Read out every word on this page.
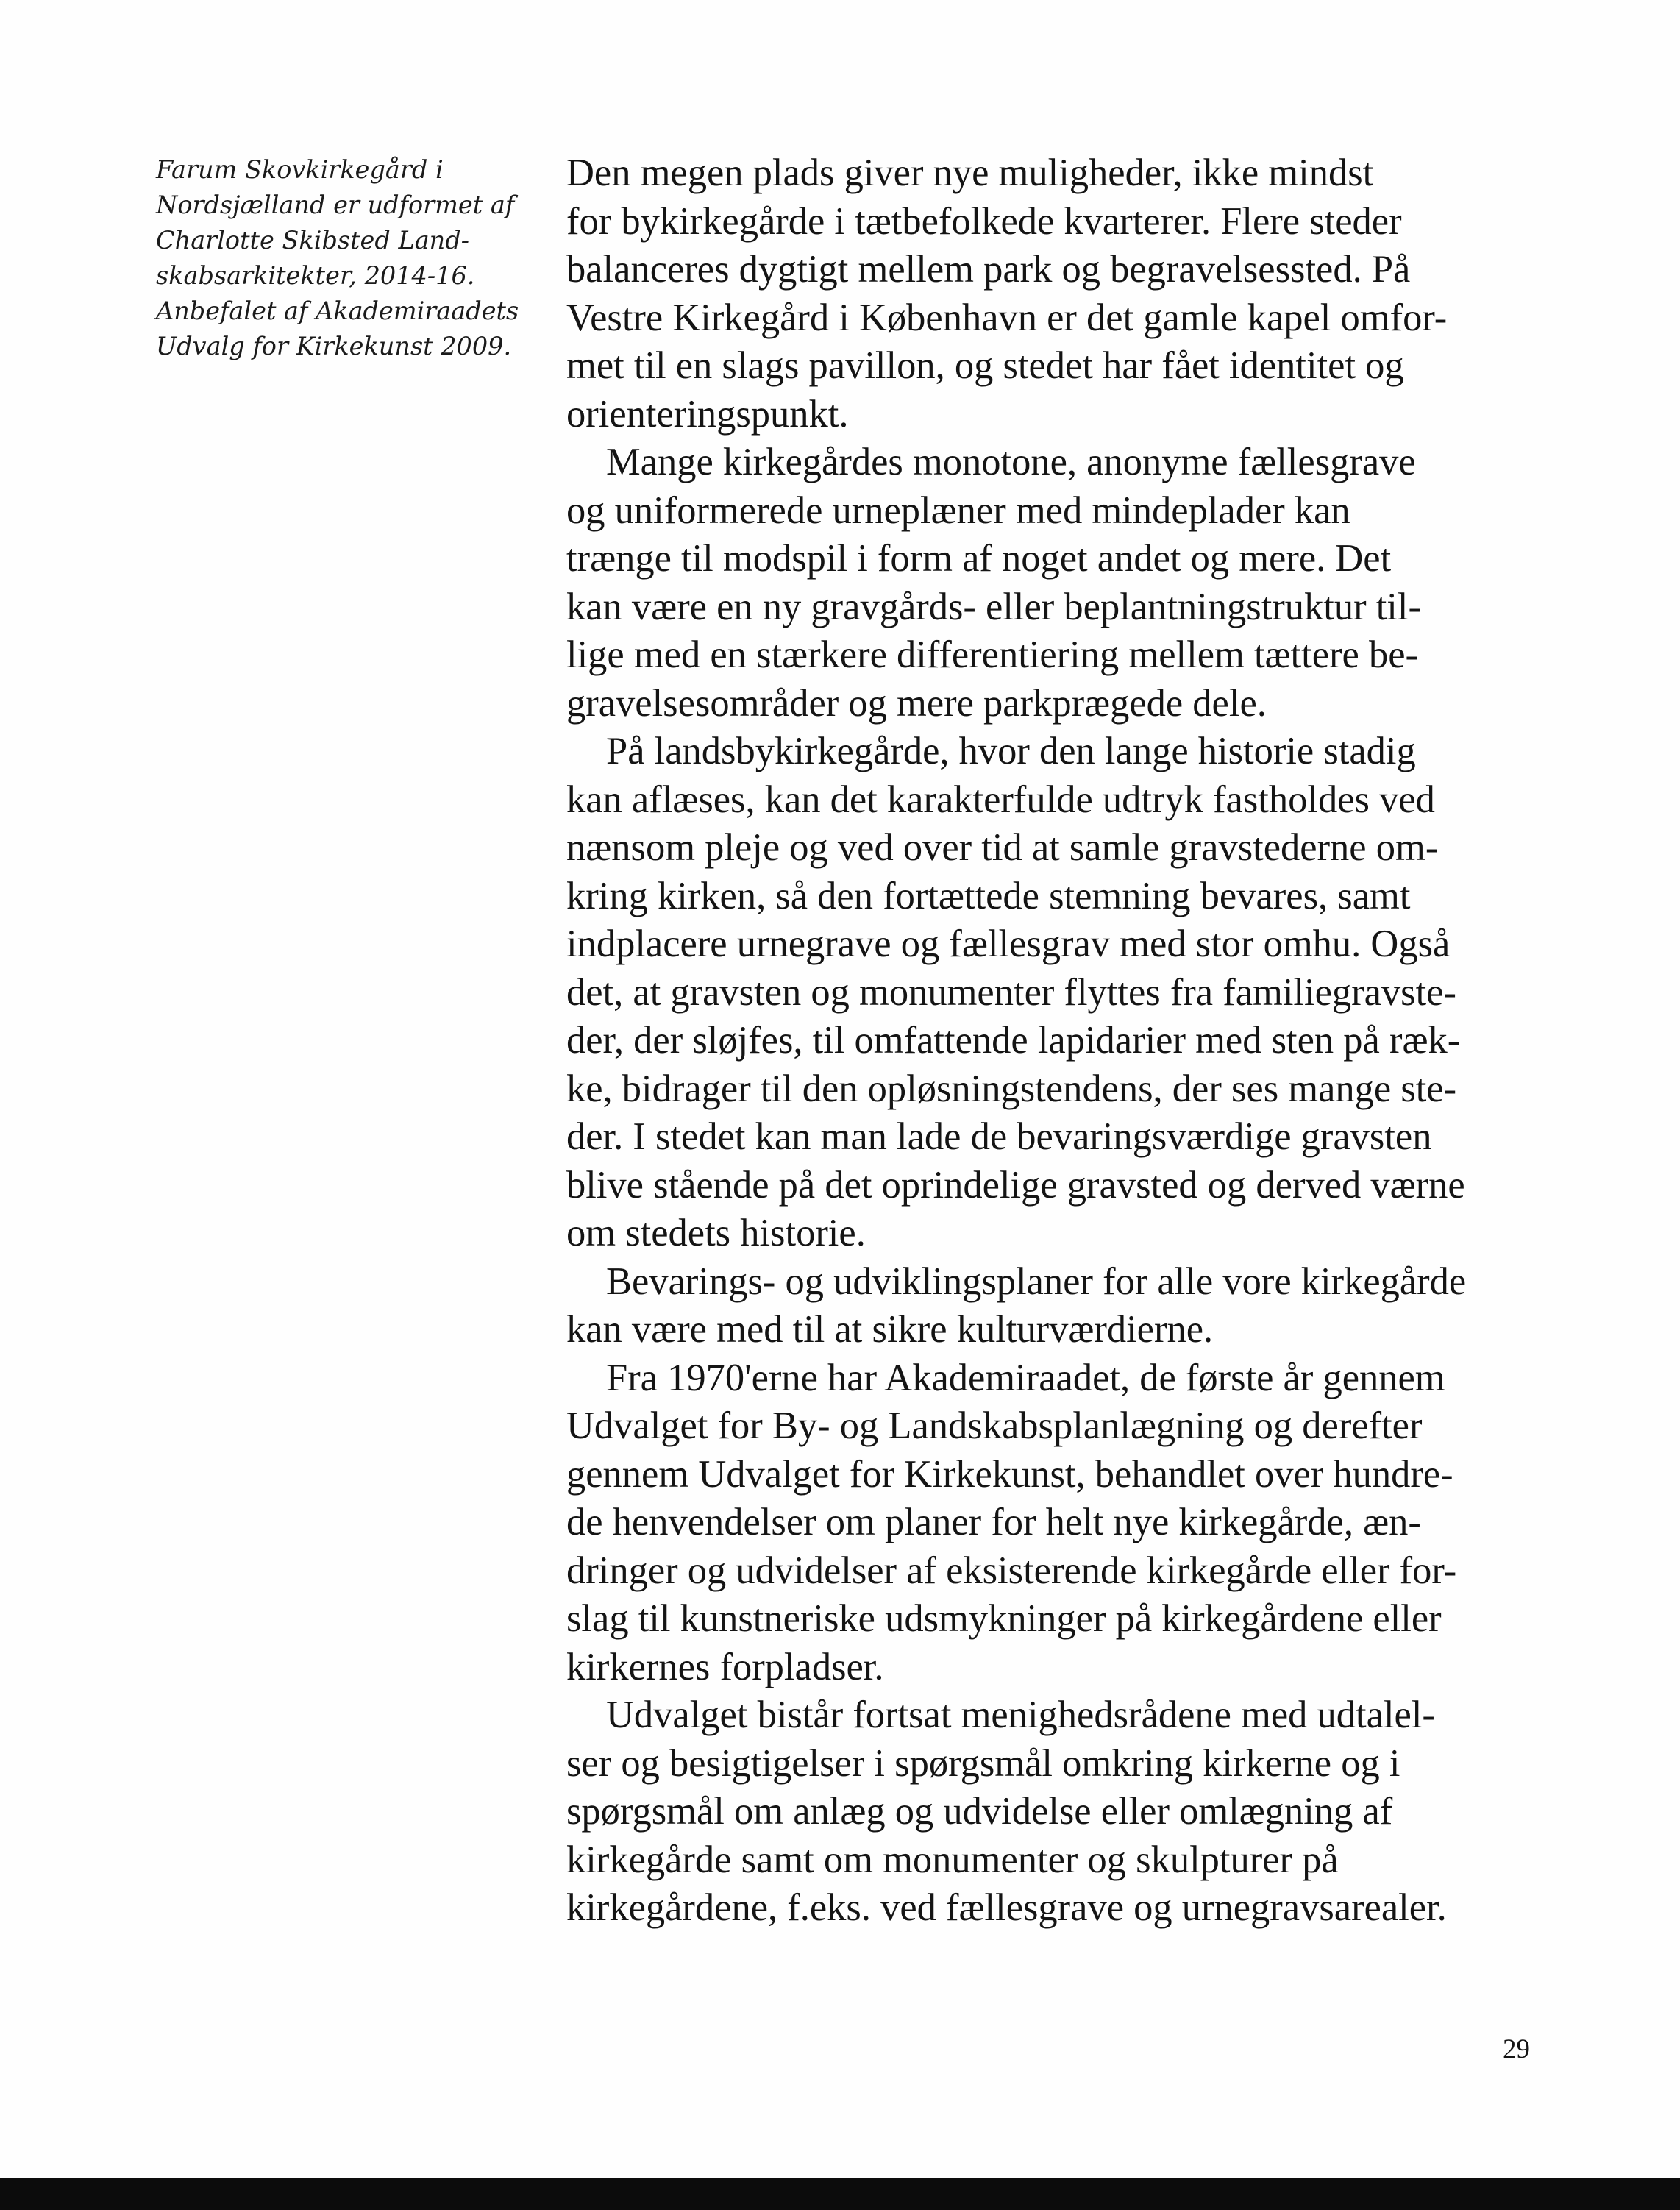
Farum Skovkirkegård i
Nordsjælland er udformet af
Charlotte Skibsted Land-
skabsarkitekter, 2014-16.
Anbefalet af Akademiraadets
Udvalg for Kirkekunst 2009.

Den megen plads giver nye muligheder, ikke mindst
for bykirkegårde i tætbefolkede kvarterer. Flere steder
balanceres dygtigt mellem park og begravelsessted. På
Vestre Kirkegård i København er det gamle kapel omfor-
met til en slags pavillon, og stedet har fået identitet og
orienteringspunkt.

Mange kirkegårdes monotone, anonyme fællesgrave
og uniformerede urneplæner med mindeplader kan
trænge til modspil i form af noget andet og mere. Det
kan være en ny gravgårds- eller beplantningstruktur til-
lige med en stærkere differentiering mellem tættere be-
gravelsesområder og mere parkprægede dele.

På landsbykirkegårde, hvor den lange historie stadig
kan aflæses, kan det karakterfulde udtryk fastholdes ved
nænsom pleje og ved over tid at samle gravstederne om-
kring kirken, så den fortættede stemning bevares, samt
indplacere urnegrave og fællesgrav med stor omhu. Også
det, at gravsten og monumenter flyttes fra familiegravste-
der, der sløjfes, til omfattende lapidarier med sten på ræk-
ke, bidrager til den opløsningstendens, der ses mange ste-
der. I stedet kan man lade de bevaringsværdige gravsten
blive stående på det oprindelige gravsted og derved værne
om stedets historie.

Bevarings- og udviklingsplaner for alle vore kirkegårde
kan være med til at sikre kulturværdierne.

Fra 1970'erne har Akademiraadet, de første år gennem
Udvalget for By- og Landskabsplanlægning og derefter
gennem Udvalget for Kirkekunst, behandlet over hundre-
de henvendelser om planer for helt nye kirkegårde, æn-
dringer og udvidelser af eksisterende kirkegårde eller for-
slag til kunstneriske udsmykninger på kirkegårdene eller
kirkernes forpladser.

Udvalget bistår fortsat menighedsrådene med udtalel-
ser og besigtigelser i spørgsmål omkring kirkerne og i
spørgsmål om anlæg og udvidelse eller omlægning af
kirkegårde samt om monumenter og skulpturer på
kirkegårdene, f.eks. ved fællesgrave og urnegravsarealer.

29
